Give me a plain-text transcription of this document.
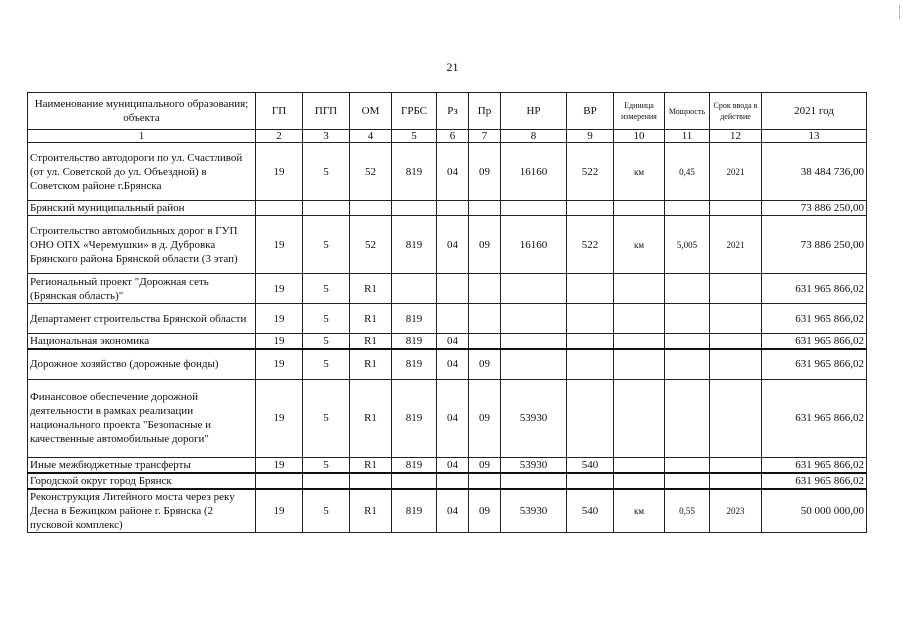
21
Наименование муниципального образования; объекта	ГП	ПГП	ОМ	ГРБС	Рз	Пр	НР	ВР	Единица измерения	Мощность	Срок ввода в действие	2021 год
1	2	3	4	5	6	7	8	9	10	11	12	13
Строительство автодороги по ул. Счастливой (от ул. Советской до ул. Объездной) в Советском районе г.Брянска	19	5	52	819	04	09	16160	522	км	0,45	2021	38 484 736,00
Брянский муниципальный район												73 886 250,00
Строительство автомобильных дорог в ГУП ОНО ОПХ «Черемушки» в д. Дубровка Брянского района Брянской области (3 этап)	19	5	52	819	04	09	16160	522	км	5,005	2021	73 886 250,00
Региональный проект "Дорожная сеть (Брянская область)"	19	5	R1									631 965 866,02
Департамент строительства Брянской области	19	5	R1	819								631 965 866,02
Национальная экономика	19	5	R1	819	04							631 965 866,02
Дорожное хозяйство (дорожные фонды)	19	5	R1	819	04	09						631 965 866,02
Финансовое обеспечение дорожной деятельности в рамках реализации национального проекта "Безопасные и качественные автомобильные дороги"	19	5	R1	819	04	09	53930					631 965 866,02
Иные межбюджетные трансферты	19	5	R1	819	04	09	53930	540				631 965 866,02
Городской округ город Брянск												631 965 866,02
Реконструкция Литейного моста через реку Десна в Бежицком районе г. Брянска (2 пусковой комплекс)	19	5	R1	819	04	09	53930	540	км	0,55	2023	50 000 000,00
